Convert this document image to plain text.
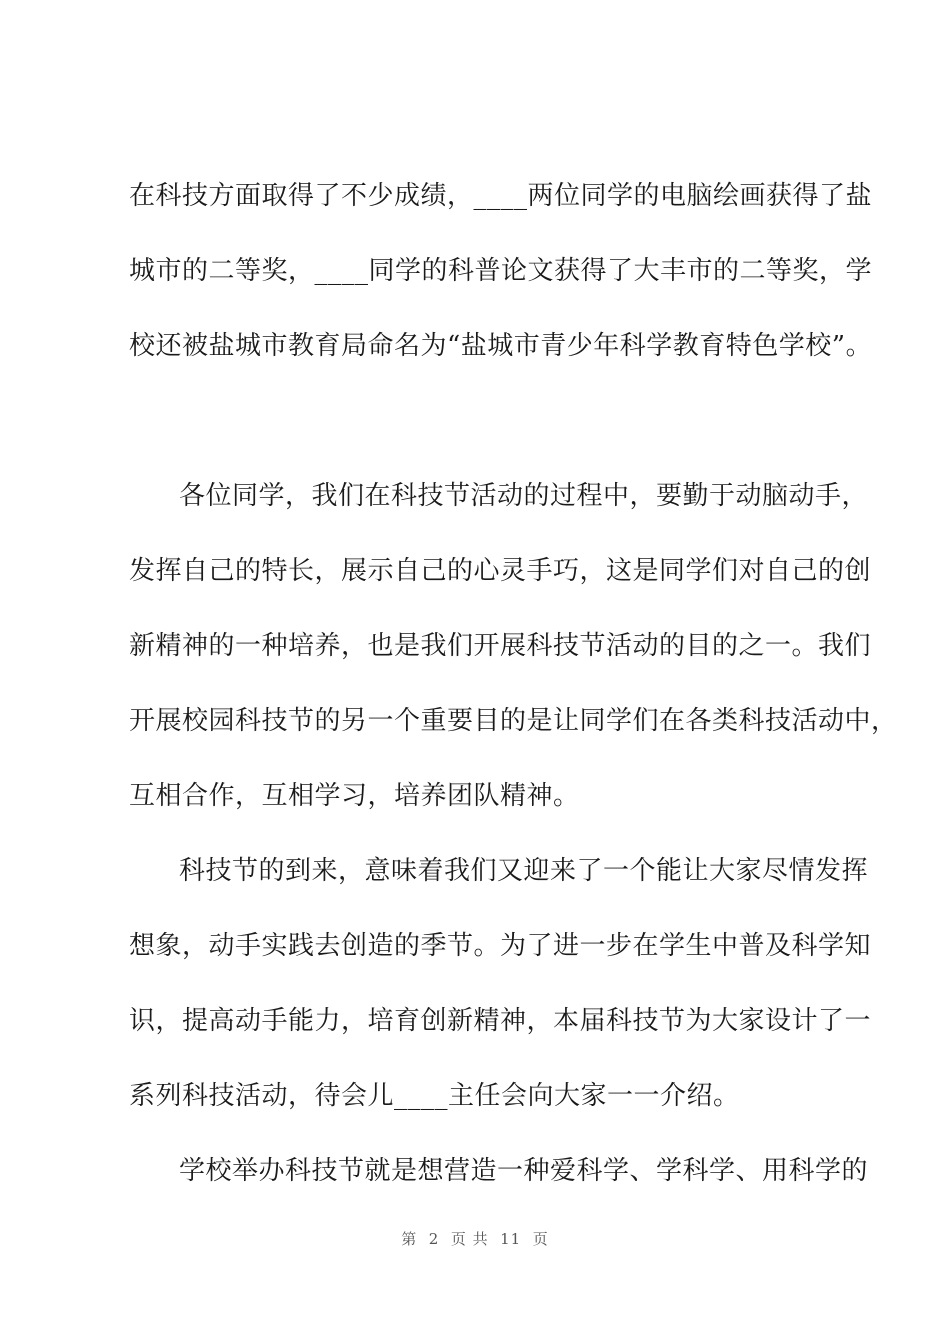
在科技方面取得了不少成绩，____两位同学的电脑绘画获得了盐
城市的二等奖，____同学的科普论文获得了大丰市的二等奖，学
校还被盐城市教育局命名为“盐城市青少年科学教育特色学校”。
各位同学，我们在科技节活动的过程中，要勤于动脑动手，
发挥自己的特长，展示自己的心灵手巧，这是同学们对自己的创
新精神的一种培养，也是我们开展科技节活动的目的之一。我们
开展校园科技节的另一个重要目的是让同学们在各类科技活动中，
互相合作，互相学习，培养团队精神。
科技节的到来，意味着我们又迎来了一个能让大家尽情发挥
想象，动手实践去创造的季节。为了进一步在学生中普及科学知
识，提高动手能力，培育创新精神，本届科技节为大家设计了一
系列科技活动，待会儿____主任会向大家一一介绍。
学校举办科技节就是想营造一种爱科学、学科学、用科学的
第  2  页 共  11  页
